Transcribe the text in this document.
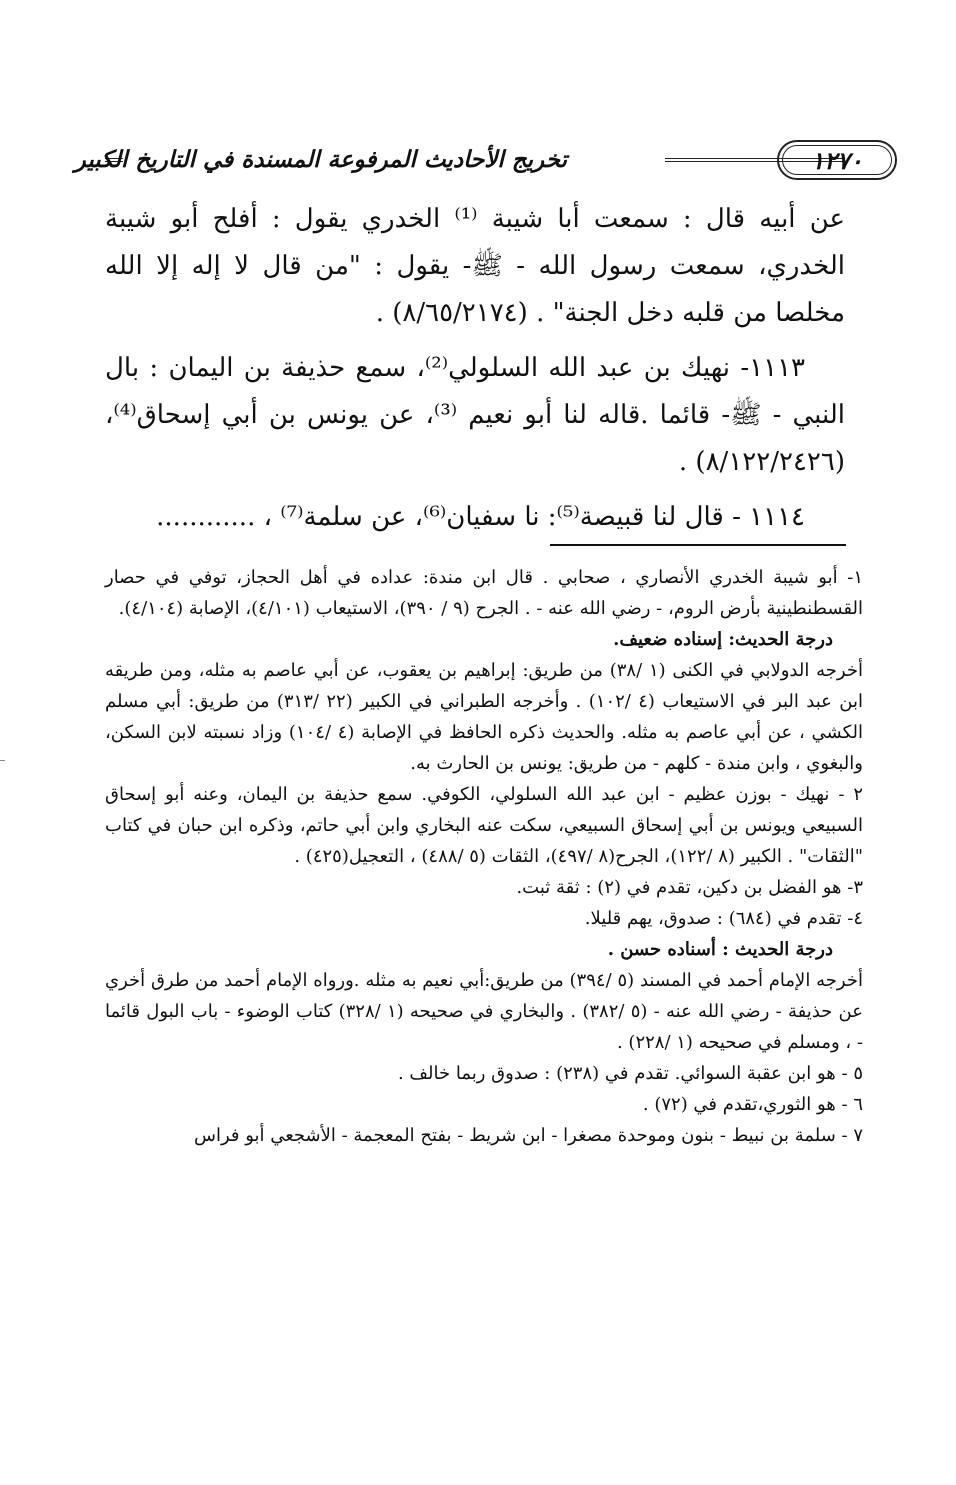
تخريج الأحاديث المرفوعة المسندة في التاريخ الكبير	١٢٧٠

عن أبيه قال : سمعت أبا شيبة ⁽¹⁾ الخدري يقول : أفلح أبو شيبة الخدري، سمعت رسول الله - ﷺ- يقول : "من قال لا إله إلا الله مخلصا من قلبه دخل الجنة" . (٨/٦٥/٢١٧٤) .

١١١٣- نهيك بن عبد الله السلولي⁽²⁾، سمع حذيفة بن اليمان : بال النبي - ﷺ- قائما .قاله لنا أبو نعيم ⁽³⁾، عن يونس بن أبي إسحاق⁽⁴⁾، (٨/١٢٢/٢٤٢٦) .

١١١٤ - قال لنا قبيصة⁽⁵⁾: نا سفيان⁽⁶⁾، عن سلمة⁽⁷⁾ ، ............

١- أبو شيبة الخدري الأنصاري ، صحابي . قال ابن مندة: عداده في أهل الحجاز، توفي في حصار القسطنطينية بأرض الروم، - رضي الله عنه - . الجرح (٩ / ٣٩٠)، الاستيعاب (٤/١٠١)، الإصابة (٤/١٠٤).

درجة الحديث: إسناده ضعيف.

أخرجه الدولابي في الكنى (١ /٣٨) من طريق: إبراهيم بن يعقوب، عن أبي عاصم به مثله، ومن طريقه ابن عبد البر في الاستيعاب (٤ /١٠٢) . وأخرجه الطبراني في الكبير (٢٢ /٣١٣) من طريق: أبي مسلم الكشي ، عن أبي عاصم به مثله. والحديث ذكره الحافظ في الإصابة (٤ /١٠٤) وزاد نسبته لابن السكن، والبغوي ، وابن مندة - كلهم - من طريق: يونس بن الحارث به.

٢ - نهيك - بوزن عظيم - ابن عبد الله السلولي، الكوفي. سمع حذيفة بن اليمان، وعنه أبو إسحاق السبيعي ويونس بن أبي إسحاق السبيعي، سكت عنه البخاري وابن أبي حاتم، وذكره ابن حبان في كتاب "الثقات" . الكبير (٨ /١٢٢)، الجرح(٨ /٤٩٧)، الثقات (٥ /٤٨٨) ، التعجيل(٤٢٥) .

٣- هو الفضل بن دكين، تقدم في (٢) : ثقة ثبت.

٤- تقدم في (٦٨٤) : صدوق، يهم قليلا.

درجة الحديث : أسناده حسن .

أخرجه الإمام أحمد في المسند (٥ /٣٩٤) من طريق:أبي نعيم به مثله .ورواه الإمام أحمد من طرق أخري عن حذيفة - رضي الله عنه - (٥ /٣٨٢) . والبخاري في صحيحه (١ /٣٢٨) كتاب الوضوء - باب البول قائما - ، ومسلم في صحيحه (١ /٢٢٨) .

٥ - هو ابن عقبة السوائي. تقدم في (٢٣٨) : صدوق ربما خالف .

٦ - هو الثوري،تقدم في (٧٢) .

٧ - سلمة بن نبيط - بنون وموحدة مصغرا - ابن شريط - بفتح المعجمة - الأشجعي أبو فراس
